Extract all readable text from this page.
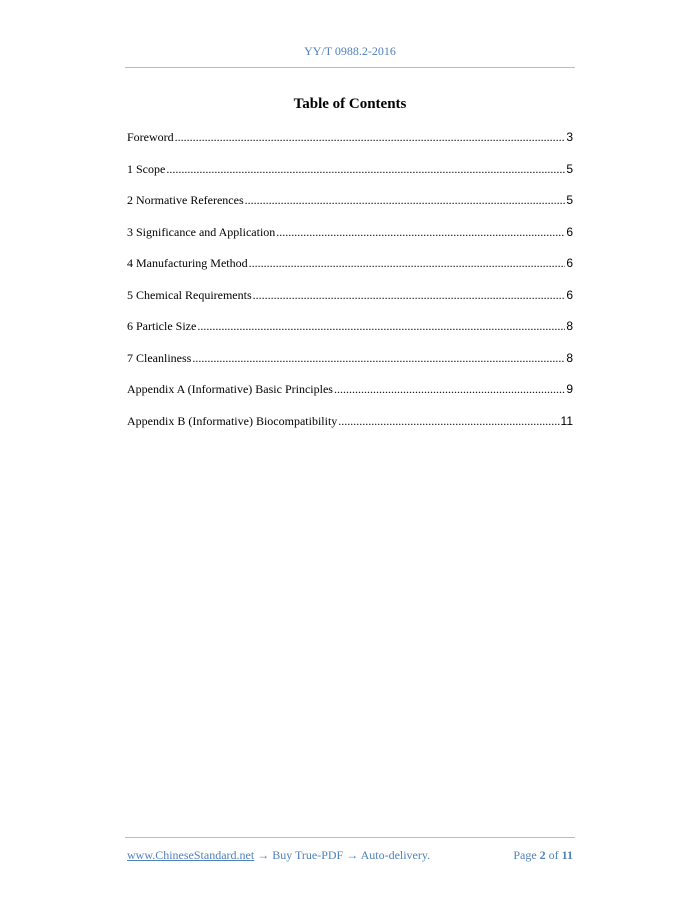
YY/T 0988.2-2016
Table of Contents
Foreword .....	3
1 Scope .....	5
2 Normative References .....	5
3 Significance and Application .....	6
4 Manufacturing Method .....	6
5 Chemical Requirements .....	6
6 Particle Size .....	8
7 Cleanliness .....	8
Appendix A (Informative) Basic Principles .....	9
Appendix B (Informative) Biocompatibility .....	11
www.ChineseStandard.net → Buy True-PDF → Auto-delivery.	Page 2 of 11
